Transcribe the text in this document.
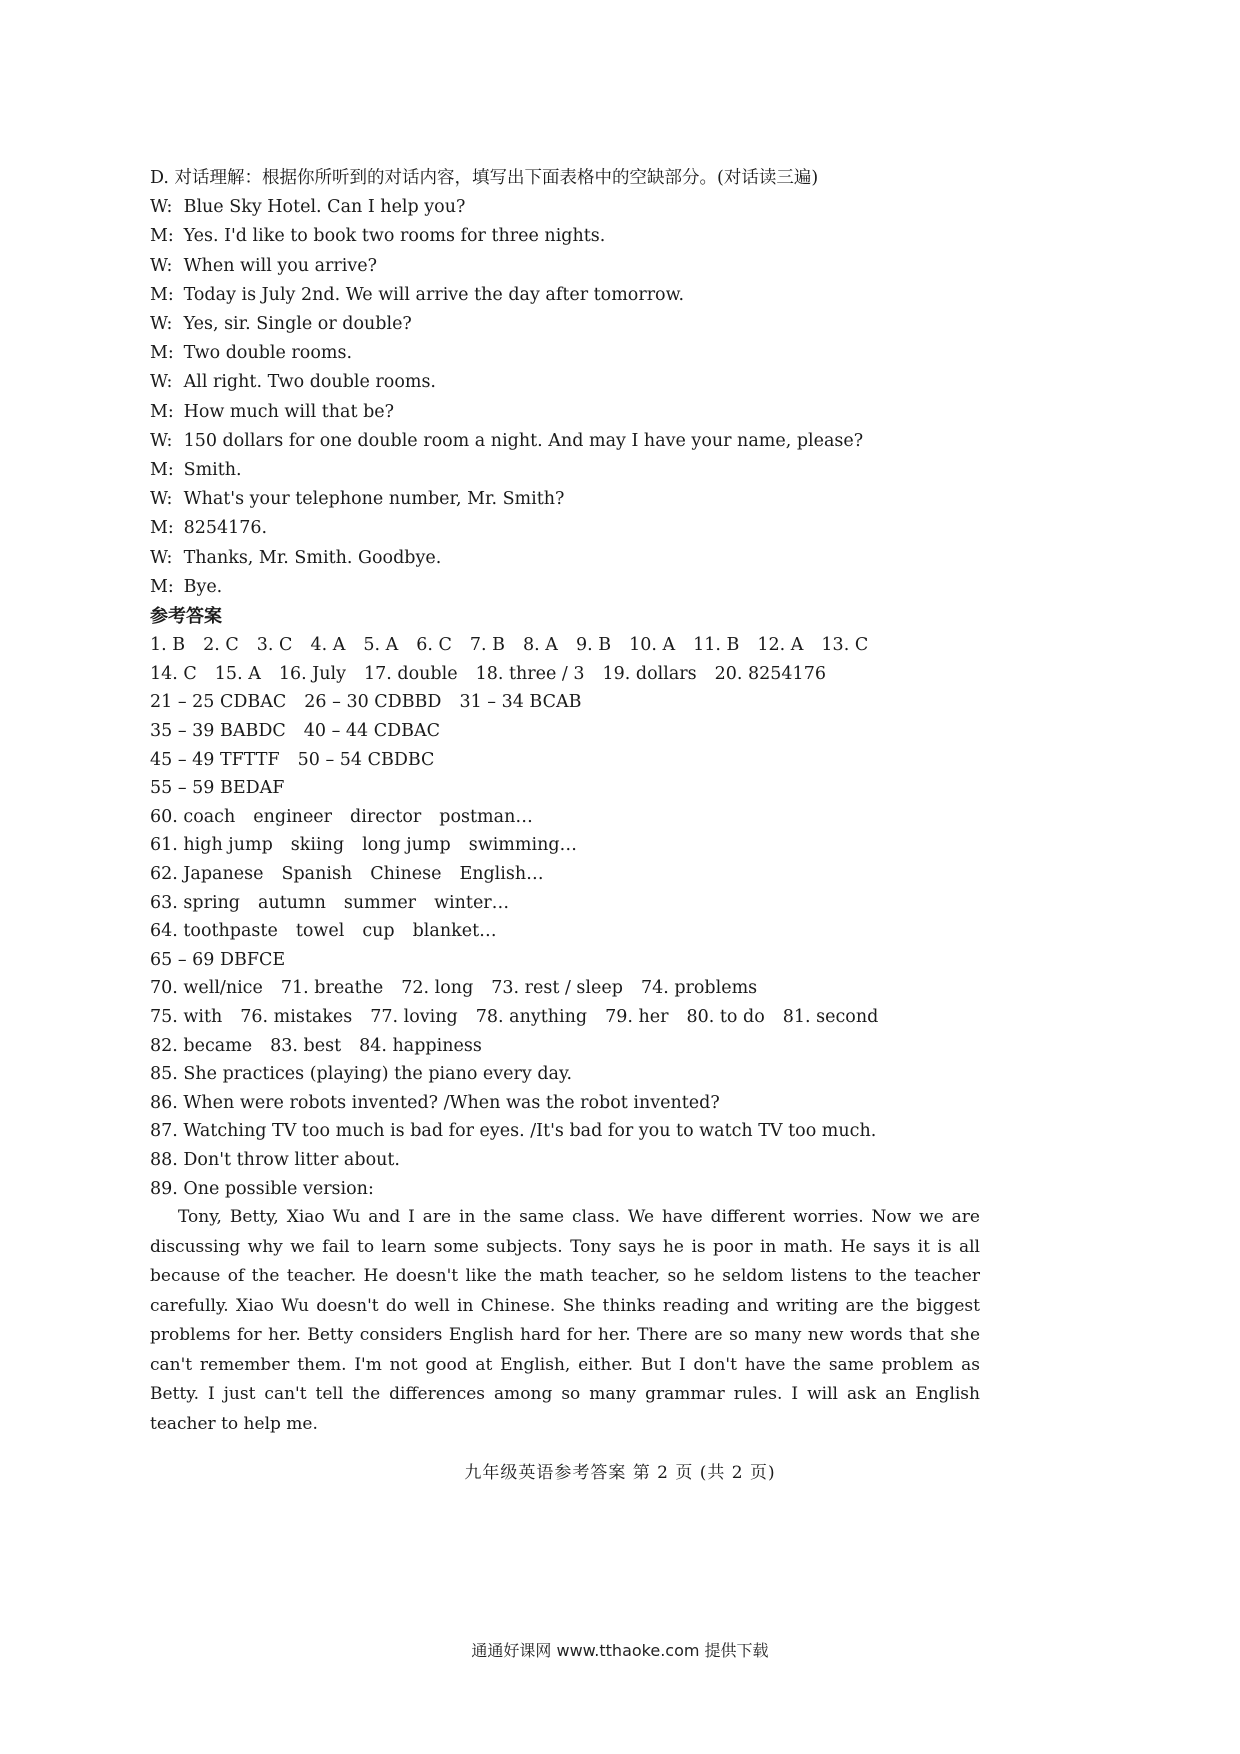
D. 对话理解：根据你所听到的对话内容，填写出下面表格中的空缺部分。(对话读三遍)
W: Blue Sky Hotel. Can I help you?
M: Yes. I'd like to book two rooms for three nights.
W: When will you arrive?
M: Today is July 2nd. We will arrive the day after tomorrow.
W: Yes, sir. Single or double?
M: Two double rooms.
W: All right. Two double rooms.
M: How much will that be?
W: 150 dollars for one double room a night. And may I have your name, please?
M: Smith.
W: What's your telephone number, Mr. Smith?
M: 8254176.
W: Thanks, Mr. Smith. Goodbye.
M: Bye.
参考答案
1. B 2. C 3. C 4. A 5. A 6. C 7. B 8. A 9. B 10. A 11. B 12. A 13. C
14. C 15. A 16. July 17. double 18. three / 3 19. dollars 20. 8254176
21 – 25 CDBAC 26 – 30 CDBBD 31 – 34 BCAB
35 – 39 BABDC 40 – 44 CDBAC
45 – 49 TFTTF 50 – 54 CBDBC
55 – 59 BEDAF
60. coach engineer director postman…
61. high jump skiing long jump swimming…
62. Japanese Spanish Chinese English…
63. spring autumn summer winter…
64. toothpaste towel cup blanket…
65 – 69 DBFCE
70. well/nice 71. breathe 72. long 73. rest / sleep 74. problems
75. with 76. mistakes 77. loving 78. anything 79. her 80. to do 81. second
82. became 83. best 84. happiness
85. She practices (playing) the piano every day.
86. When were robots invented? /When was the robot invented?
87. Watching TV too much is bad for eyes. /It's bad for you to watch TV too much.
88. Don't throw litter about.
89. One possible version:

Tony, Betty, Xiao Wu and I are in the same class. We have different worries. Now we are discussing why we fail to learn some subjects. Tony says he is poor in math. He says it is all because of the teacher. He doesn't like the math teacher, so he seldom listens to the teacher carefully. Xiao Wu doesn't do well in Chinese. She thinks reading and writing are the biggest problems for her. Betty considers English hard for her. There are so many new words that she can't remember them. I'm not good at English, either. But I don't have the same problem as Betty. I just can't tell the differences among so many grammar rules. I will ask an English teacher to help me.

九年级英语参考答案 第 2 页 (共 2 页)
通通好课网 www.tthaoke.com 提供下载
